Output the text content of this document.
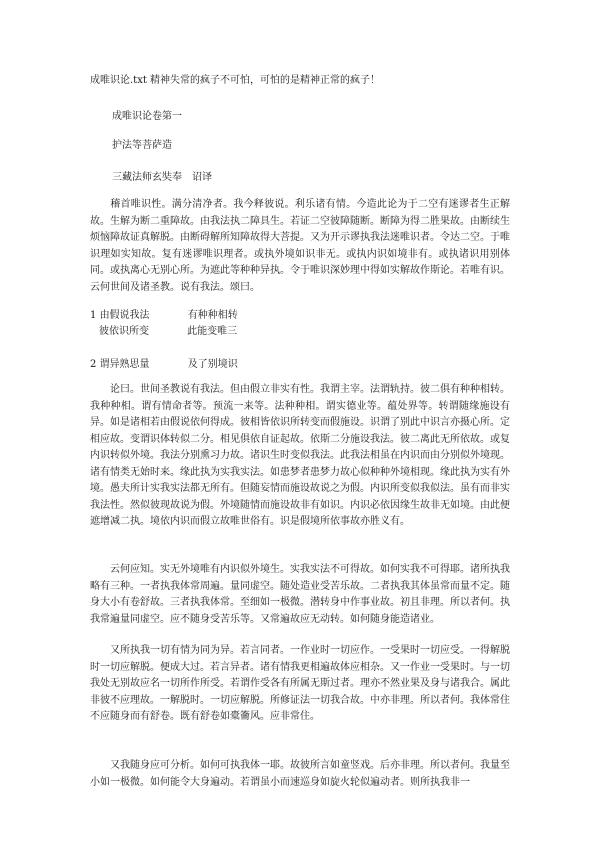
成唯识论.txt 精神失常的疯子不可怕，可怕的是精神正常的疯子！
成唯识论卷第一
护法等菩萨造
三藏法师玄奘奉　诏译
稽首唯识性。满分清净者。我今释彼说。利乐诸有情。今造此论为于二空有迷谬者生正解故。生解为断二重障故。由我法执二障具生。若证二空彼障随断。断障为得二胜果故。由断续生烦恼障故证真解脱。由断碍解所知障故得大菩提。又为开示谬执我法迷唯识者。令达二空。于唯识理如实知故。复有迷谬唯识理者。或执外境如识非无。或执内识如境非有。或执诸识用别体同。或执离心无别心所。为遮此等种种异执。令于唯识深妙理中得如实解故作斯论。若唯有识。云何世间及诸圣教。说有我法。颂曰。
1 由假说我法	有种种相转
彼依识所变	此能变唯三
2 谓异熟思量	及了别境识
论曰。世间圣教说有我法。但由假立非实有性。我谓主宰。法谓轨持。彼二俱有种种相转。我种种相。谓有情命者等。预流一来等。法种种相。谓实德业等。蕴处界等。转谓随缘施设有异。如是诸相若由假说依何得成。彼相皆依识所转变而假施设。识谓了别此中识言亦摄心所。定相应故。变谓识体转似二分。相见俱依自证起故。依斯二分施设我法。彼二离此无所依故。或复内识转似外境。我法分别熏习力故。诸识生时变似我法。此我法相虽在内识而由分别似外境现。诸有情类无始时来。缘此执为实我实法。如患梦者患梦力故心似种种外境相现。缘此执为实有外境。愚夫所计实我实法都无所有。但随妄情而施设故说之为假。内识所变似我似法。虽有而非实我法性。然似彼现故说为假。外境随情而施设故非有如识。内识必依因缘生故非无如境。由此便遮增减二执。境依内识而假立故唯世俗有。识是假境所依事故亦胜义有。
云何应知。实无外境唯有内识似外境生。实我实法不可得故。如何实我不可得耶。诸所执我略有三种。一者执我体常周遍。量同虚空。随处造业受苦乐故。二者执我其体虽常而量不定。随身大小有卷舒故。三者执我体常。至细如一极微。潜转身中作事业故。初且非理。所以者何。执我常遍量同虚空。应不随身受苦乐等。又常遍故应无动转。如何随身能造诸业。
又所执我一切有情为同为异。若言同者。一作业时一切应作。一受果时一切应受。一得解脱时一切应解脱。便成大过。若言异者。诸有情我更相遍故体应相杂。又一作业一受果时。与一切我处无别故应名一切所作所受。若谓作受各有所属无斯过者。理亦不然业果及身与诸我合。属此非彼不应理故。一解脱时。一切应解脱。所修证法一切我合故。中亦非理。所以者何。我体常住不应随身而有舒卷。既有舒卷如橐籥风。应非常住。
又我随身应可分析。如何可执我体一耶。故彼所言如童竖戏。后亦非理。所以者何。我量至小如一极微。如何能令大身遍动。若谓虽小而速巡身如旋火轮似遍动者。则所执我非一
